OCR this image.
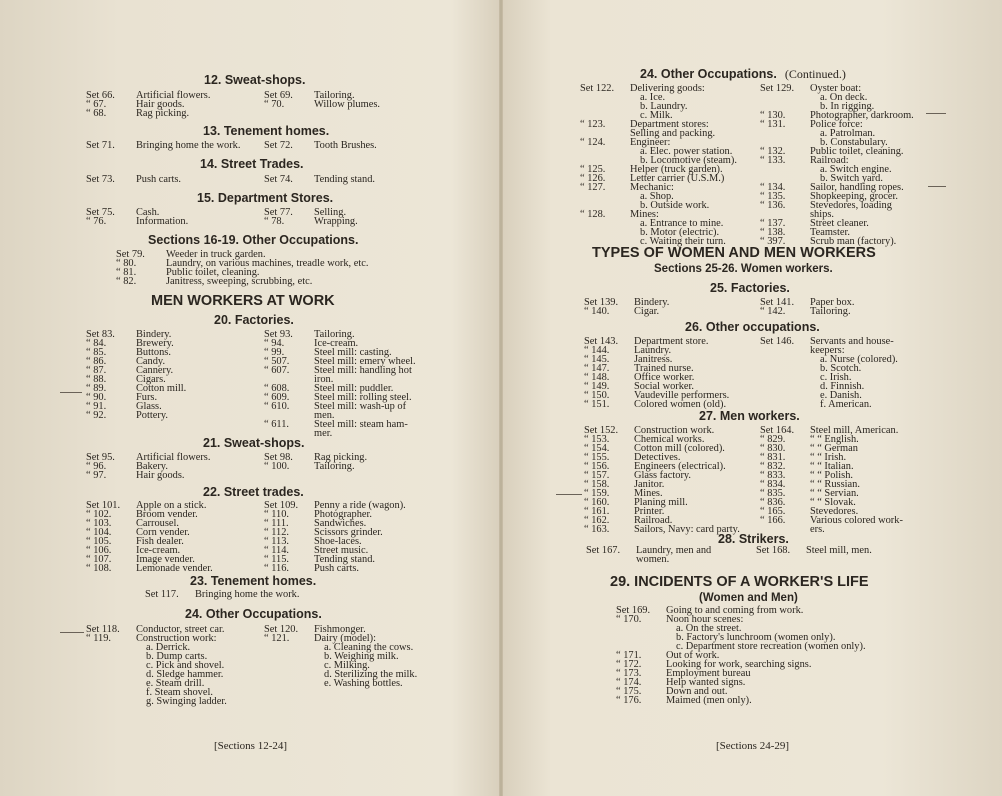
12. Sweat-shops.
Set 66.	Artificial flowers.
“ 67.	Hair goods.
“ 68.	Rag picking.
Set 69.	Tailoring.
“ 70.	Willow plumes.
13. Tenement homes.
Set 71.	Bringing home the work. Set 72.	Tooth Brushes.
14. Street Trades.
Set 73.	Push carts.	Set 74.	Tending stand.
15. Department Stores.
Set 75.	Cash.
“ 76.	Information.
Set 77.	Selling.
“ 78.	Wrapping.
Sections 16-19. Other Occupations.
Set 79.	Weeder in truck garden.
“ 80.	Laundry, on various machines, treadle work, etc.
“ 81.	Public toilet, cleaning.
“ 82.	Janitress, sweeping, scrubbing, etc.
20. Factories.
Set 83.	Bindery.
“ 84.	Brewery.
“ 85.	Buttons.
“ 86.	Candy.
“ 87.	Cannery.
“ 88.	Cigars.
“ 89.	Cotton mill.
“ 90.	Furs.
“ 91.	Glass.
“ 92.	Pottery.
Set 93.	Tailoring.
“ 94.	Ice-cream.
“ 99.	Steel mill: casting.
“ 507.	Steel mill: emery wheel.
“ 607.	Steel mill: handling hot
iron.
“ 608.	Steel mill: puddler.
“ 609.	Steel mill: rolling steel.
“ 610.	Steel mill: wash-up of
men.
“ 611.	Steel mill: steam ham-
mer.
21. Sweat-shops.
Set 95.	Artificial flowers.
“ 96.	Bakery.
“ 97.	Hair goods.
Set 98.	Rag picking.
“ 100.	Tailoring.
22. Street trades.
Set 101.	Apple on a stick.
“ 102.	Broom vender.
“ 103.	Carrousel.
“ 104.	Corn vender.
“ 105.	Fish dealer.
“ 106.	Ice-cream.
“ 107.	Image vender.
“ 108.	Lemonade vender.
Set 109.	Penny a ride (wagon).
“ 110.	Photographer.
“ 111.	Sandwiches.
“ 112.	Scissors grinder.
“ 113.	Shoe-laces.
“ 114.	Street music.
“ 115.	Tending stand.
“ 116.	Push carts.
23. Tenement homes.
Set 117.	Bringing home the work.
24. Other Occupations.
Set 118.	Conductor, street car.
“ 119.	Construction work:
a. Derrick.
b. Dump carts.
c. Pick and shovel.
d. Sledge hammer.
e. Steam drill.
f. Steam shovel.
g. Swinging ladder.
Set 120.	Fishmonger.
“ 121.	Dairy (model):
a. Cleaning the cows.
b. Weighing milk.
c. Milking.
d. Sterilizing the milk.
e. Washing bottles.
MEN WORKERS AT WORK
[Sections 12-24]
24. Other Occupations. (Continued.)
Set 122.	Delivering goods:
a. Ice.
b. Laundry.
c. Milk.
“ 123.	Department stores:
Selling and packing.
“ 124.	Engineer:
a. Elec. power station.
b. Locomotive (steam).
“ 125.	Helper (truck garden).
“ 126.	Letter carrier (U.S.M.)
“ 127.	Mechanic:
a. Shop.
b. Outside work.
“ 128.	Mines:
a. Entrance to mine.
b. Motor (electric).
c. Waiting their turn.
Set 129.	Oyster boat:
a. On deck.
b. In rigging.
“ 130.	Photographer, darkroom.
“ 131.	Police force:
a. Patrolman.
b. Constabulary.
“ 132.	Public toilet, cleaning.
“ 133.	Railroad:
a. Switch engine.
b. Switch yard.
“ 134.	Sailor, handling ropes.
“ 135.	Shopkeeping, grocer.
“ 136.	Stevedores, loading
ships.
“ 137.	Street cleaner.
“ 138.	Teamster.
“ 397.	Scrub man (factory).
TYPES OF WOMEN AND MEN WORKERS
Sections 25-26. Women workers.
25. Factories.
Set 139.	Bindery.
“ 140.	Cigar.
Set 141.	Paper box.
“ 142.	Tailoring.
26. Other occupations.
Set 143.	Department store.
“ 144.	Laundry.
“ 145.	Janitress.
“ 147.	Trained nurse.
“ 148.	Office worker.
“ 149.	Social worker.
“ 150.	Vaudeville performers.
“ 151.	Colored women (old).
Set 146.	Servants and house-
keepers:
a. Nurse (colored).
b. Scotch.
c. Irish.
d. Finnish.
e. Danish.
f. American.
27. Men workers.
Set 152.	Construction work.
“ 153.	Chemical works.
“ 154.	Cotton mill (colored).
“ 155.	Detectives.
“ 156.	Engineers (electrical).
“ 157.	Glass factory.
“ 158.	Janitor.
“ 159.	Mines.
“ 160.	Planing mill.
“ 161.	Printer.
“ 162.	Railroad.
“ 163.	Sailors, Navy: card party.
Set 164.	Steel mill, American.
“ 829.	“ “ English.
“ 830.	“ “ German
“ 831.	“ “ Irish.
“ 832.	“ “ Italian.
“ 833.	“ “ Polish.
“ 834.	“ “ Russian.
“ 835.	“ “ Servian.
“ 836.	“ “ Slovak.
“ 165.	Stevedores.
“ 166.	Various colored work-
ers.
28. Strikers.
Set 167.	Laundry, men and
women.
Set 168.	Steel mill, men.
29. INCIDENTS OF A WORKER'S LIFE
(Women and Men)
Set 169.	Going to and coming from work.
“ 170.	Noon hour scenes:
a. On the street.
b. Factory's lunchroom (women only).
c. Department store recreation (women only).
“ 171.	Out of work.
“ 172.	Looking for work, searching signs.
“ 173.	Employment bureau
“ 174.	Help wanted signs.
“ 175.	Down and out.
“ 176.	Maimed (men only).
[Sections 24-29]
